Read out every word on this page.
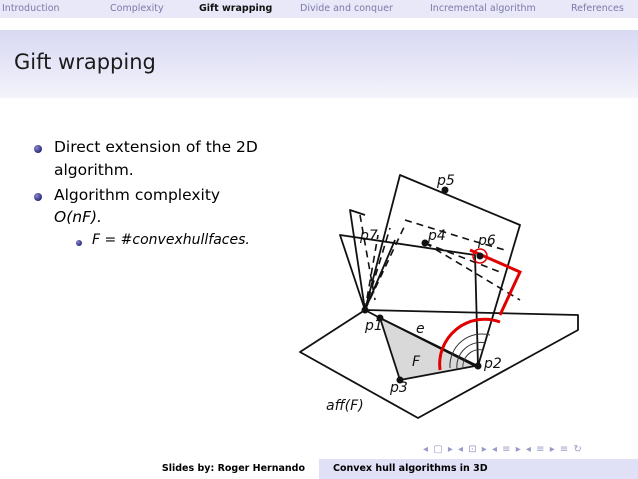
Introduction	Complexity	Gift wrapping	Divide and conquer	Incremental algorithm	References
Gift wrapping
Direct extension of the 2D
algorithm.
Algorithm complexity
O(nF).
F = #convexhullfaces.
p5
p7	p4 p6
p1 e
F	p2
p3
aff(F)
◂ ▢ ▸ ◂ ⊡ ▸ ◂ ≡ ▸ ◂ ≡ ▸ ≡ ↻
Slides by: Roger Hernando	Convex hull algorithms in 3D
